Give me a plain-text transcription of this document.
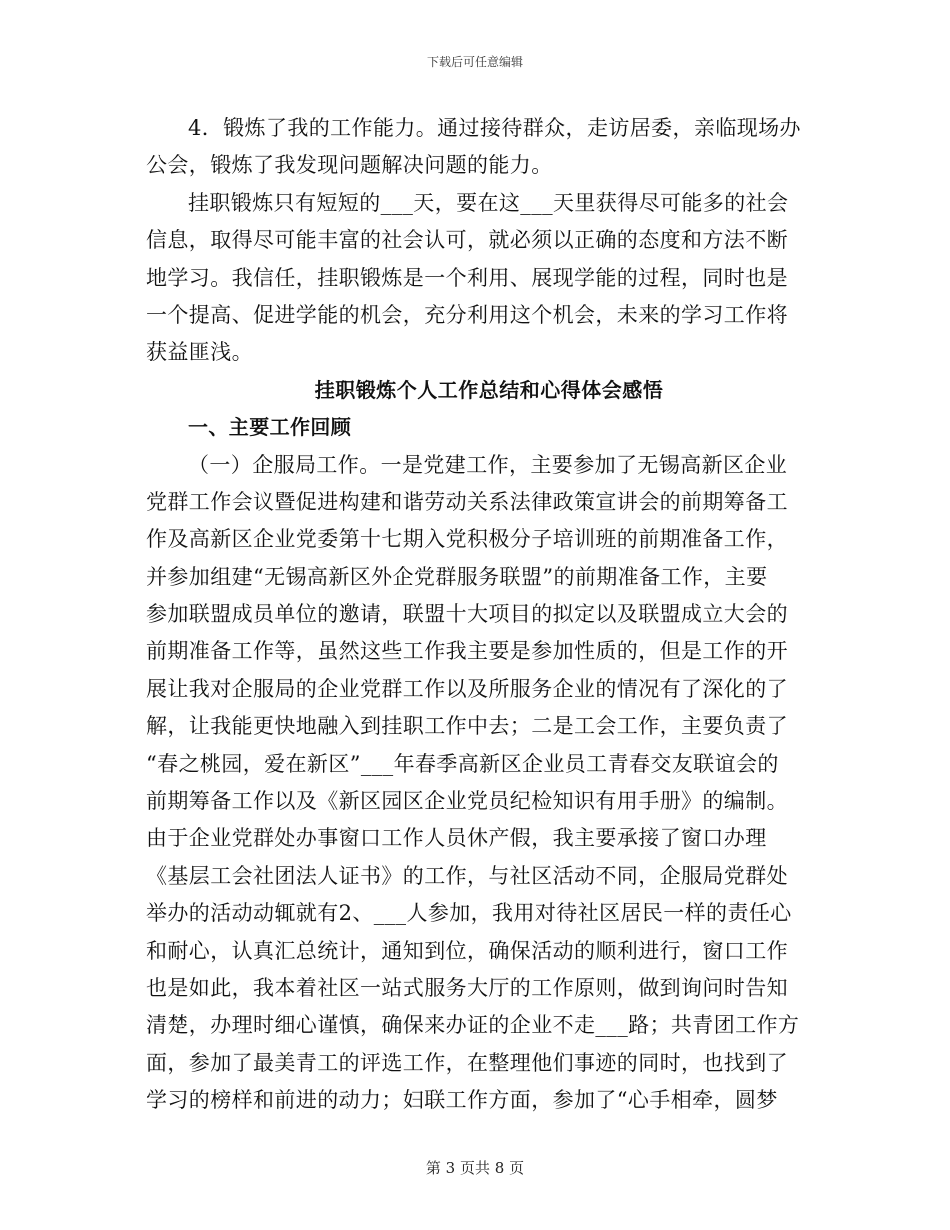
下载后可任意编辑
4．锻炼了我的工作能力。通过接待群众，走访居委，亲临现场办
公会，锻炼了我发现问题解决问题的能力。
挂职锻炼只有短短的___天，要在这___天里获得尽可能多的社会
信息，取得尽可能丰富的社会认可，就必须以正确的态度和方法不断
地学习。我信任，挂职锻炼是一个利用、展现学能的过程，同时也是
一个提高、促进学能的机会，充分利用这个机会，未来的学习工作将
获益匪浅。
挂职锻炼个人工作总结和心得体会感悟
一、主要工作回顾
（一）企服局工作。一是党建工作，主要参加了无锡高新区企业
党群工作会议暨促进构建和谐劳动关系法律政策宣讲会的前期筹备工
作及高新区企业党委第十七期入党积极分子培训班的前期准备工作，
并参加组建“无锡高新区外企党群服务联盟”的前期准备工作，主要
参加联盟成员单位的邀请，联盟十大项目的拟定以及联盟成立大会的
前期准备工作等，虽然这些工作我主要是参加性质的，但是工作的开
展让我对企服局的企业党群工作以及所服务企业的情况有了深化的了
解，让我能更快地融入到挂职工作中去；二是工会工作，主要负责了
“春之桃园，爱在新区”___年春季高新区企业员工青春交友联谊会的
前期筹备工作以及《新区园区企业党员纪检知识有用手册》的编制。
由于企业党群处办事窗口工作人员休产假，我主要承接了窗口办理
《基层工会社团法人证书》的工作，与社区活动不同，企服局党群处
举办的活动动辄就有2、___人参加，我用对待社区居民一样的责任心
和耐心，认真汇总统计，通知到位，确保活动的顺利进行，窗口工作
也是如此，我本着社区一站式服务大厅的工作原则，做到询问时告知
清楚，办理时细心谨慎，确保来办证的企业不走___路；共青团工作方
面，参加了最美青工的评选工作，在整理他们事迹的同时，也找到了
学习的榜样和前进的动力；妇联工作方面，参加了“心手相牵，圆梦
第 3 页共 8 页
